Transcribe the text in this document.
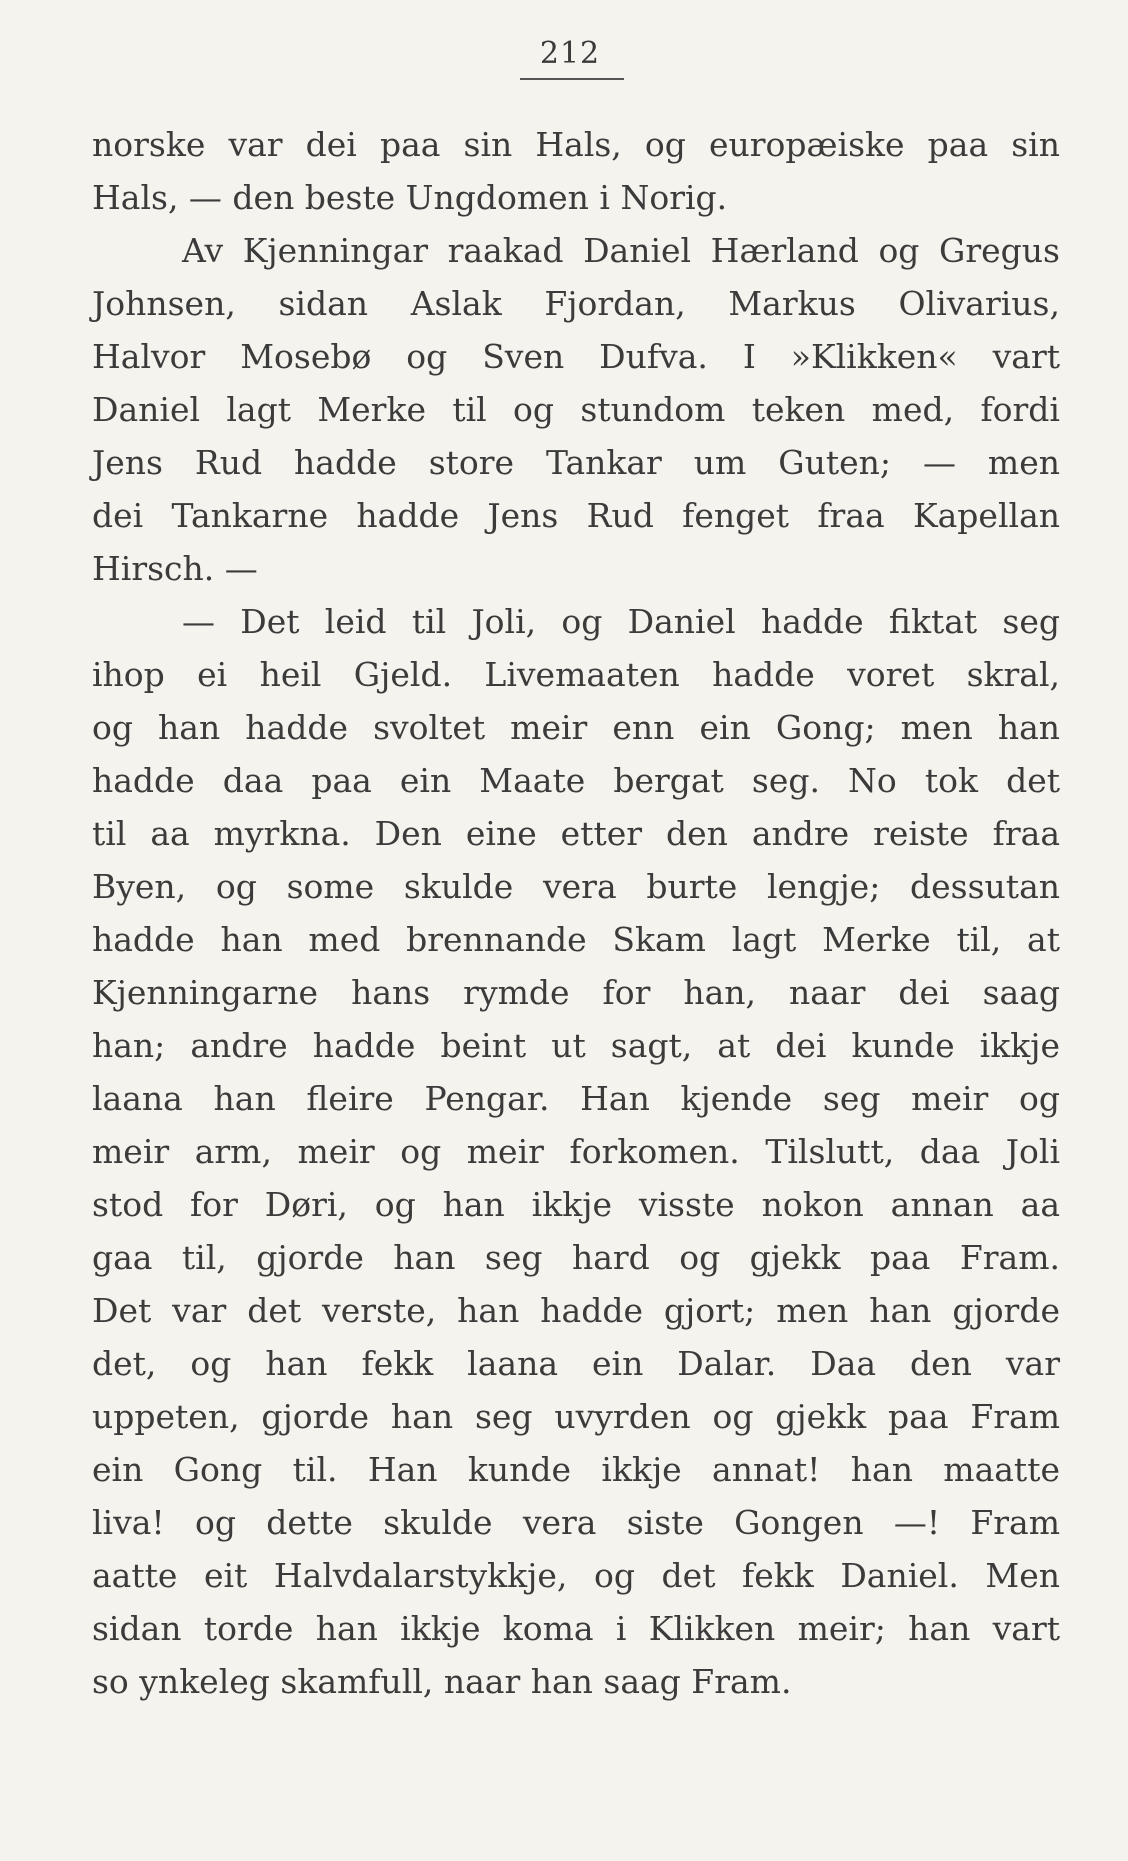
212
norske var dei paa sin Hals, og europæiske paa sin
Hals, — den beste Ungdomen i Norig.
Av Kjenningar raakad Daniel Hærland og Gregus
Johnsen, sidan Aslak Fjordan, Markus Olivarius,
Halvor Mosebø og Sven Dufva. I »Klikken« vart
Daniel lagt Merke til og stundom teken med, fordi
Jens Rud hadde store Tankar um Guten; — men
dei Tankarne hadde Jens Rud fenget fraa Kapellan
Hirsch. —
— Det leid til Joli, og Daniel hadde fiktat seg
ihop ei heil Gjeld. Livemaaten hadde voret skral,
og han hadde svoltet meir enn ein Gong; men han
hadde daa paa ein Maate bergat seg. No tok det
til aa myrkna. Den eine etter den andre reiste fraa
Byen, og some skulde vera burte lengje; dessutan
hadde han med brennande Skam lagt Merke til, at
Kjenningarne hans rymde for han, naar dei saag
han; andre hadde beint ut sagt, at dei kunde ikkje
laana han fleire Pengar. Han kjende seg meir og
meir arm, meir og meir forkomen. Tilslutt, daa Joli
stod for Døri, og han ikkje visste nokon annan aa
gaa til, gjorde han seg hard og gjekk paa Fram.
Det var det verste, han hadde gjort; men han gjorde
det, og han fekk laana ein Dalar. Daa den var
uppeten, gjorde han seg uvyrden og gjekk paa Fram
ein Gong til. Han kunde ikkje annat! han maatte
liva! og dette skulde vera siste Gongen —! Fram
aatte eit Halvdalarstykkje, og det fekk Daniel. Men
sidan torde han ikkje koma i Klikken meir; han vart
so ynkeleg skamfull, naar han saag Fram.
